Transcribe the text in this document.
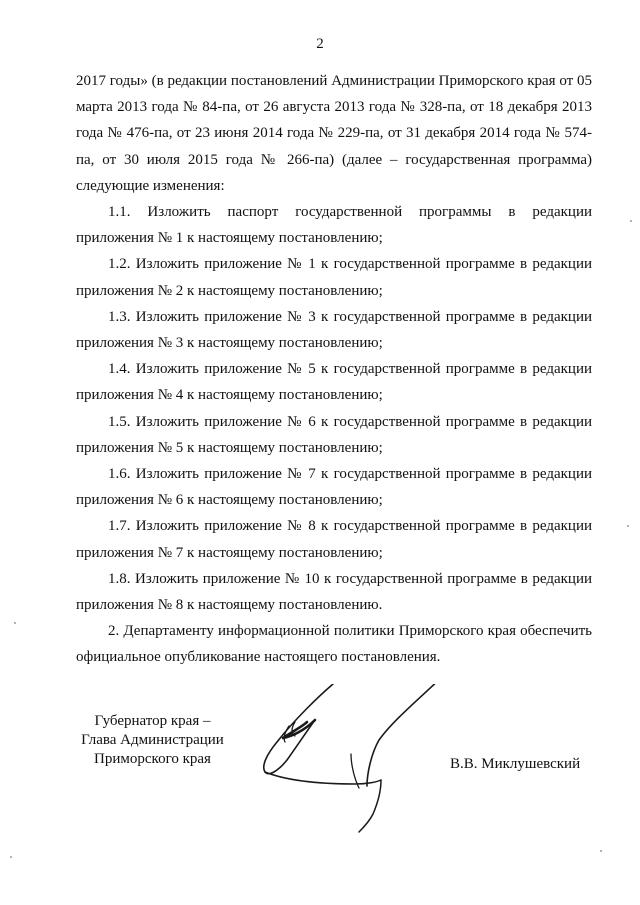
2

2017 годы» (в редакции постановлений Администрации Приморского края от 05 марта 2013 года № 84-па, от 26 августа 2013 года № 328-па, от 18 декабря 2013 года № 476-па, от 23 июня 2014 года № 229-па, от 31 декабря 2014 года № 574-па, от 30 июля 2015 года № 266-па) (далее – государственная программа) следующие изменения:

1.1. Изложить паспорт государственной программы в редакции приложения № 1 к настоящему постановлению;

1.2. Изложить приложение № 1 к государственной программе в редакции приложения № 2 к настоящему постановлению;

1.3. Изложить приложение № 3 к государственной программе в редакции приложения № 3 к настоящему постановлению;

1.4. Изложить приложение № 5 к государственной программе в редакции приложения № 4 к настоящему постановлению;

1.5. Изложить приложение № 6 к государственной программе в редакции приложения № 5 к настоящему постановлению;

1.6. Изложить приложение № 7 к государственной программе в редакции приложения № 6 к настоящему постановлению;

1.7. Изложить приложение № 8 к государственной программе в редакции приложения № 7 к настоящему постановлению;

1.8. Изложить приложение № 10 к государственной программе в редакции приложения № 8 к настоящему постановлению.

2. Департаменту информационной политики Приморского края обеспечить официальное опубликование настоящего постановления.

Губернатор края –
Глава Администрации
Приморского края	В.В. Миклушевский
